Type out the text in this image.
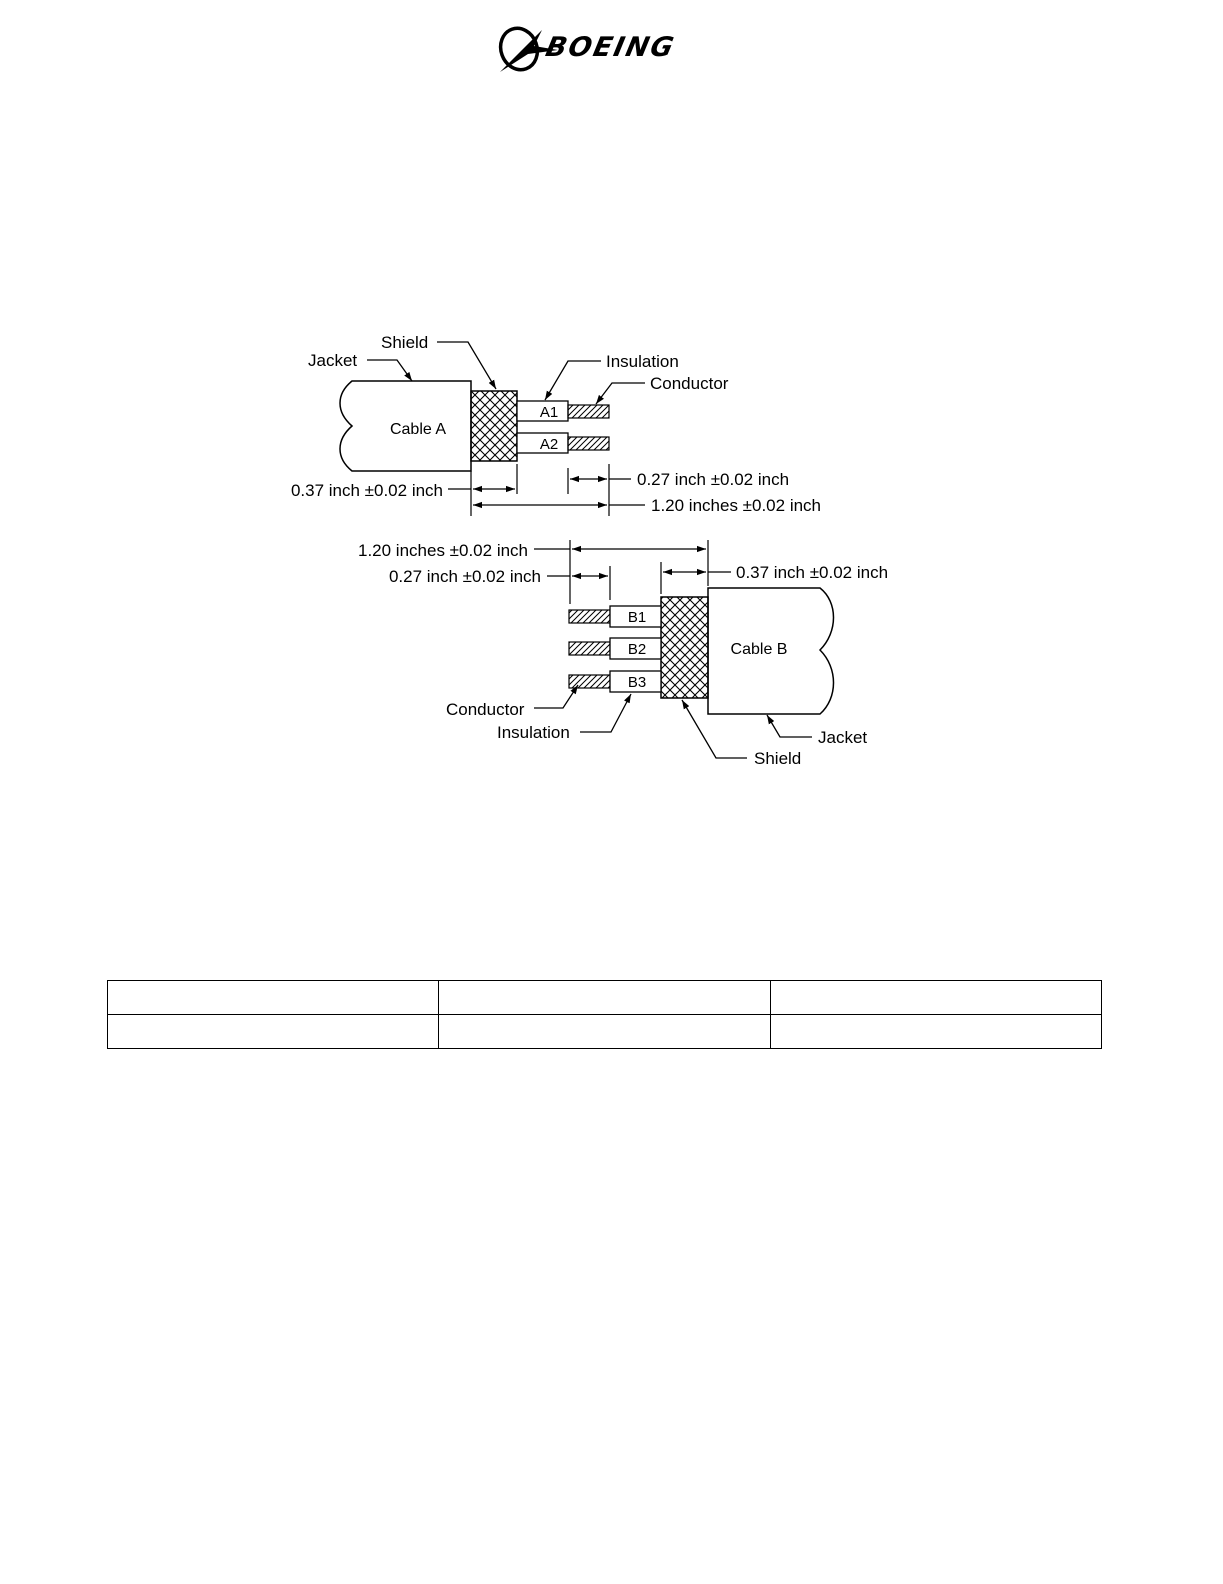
BOEING
Cable A
A1
A2
Shield
Jacket	Insulation
Conductor
0.37 inch ±0.02 inch
0.27 inch ±0.02 inch
1.20 inches ±0.02 inch
Cable B
B1
B2
B3
1.20 inches ±0.02 inch
0.27 inch ±0.02 inch	0.37 inch ±0.02 inch
Conductor
Insulation
Shield
Jacket
